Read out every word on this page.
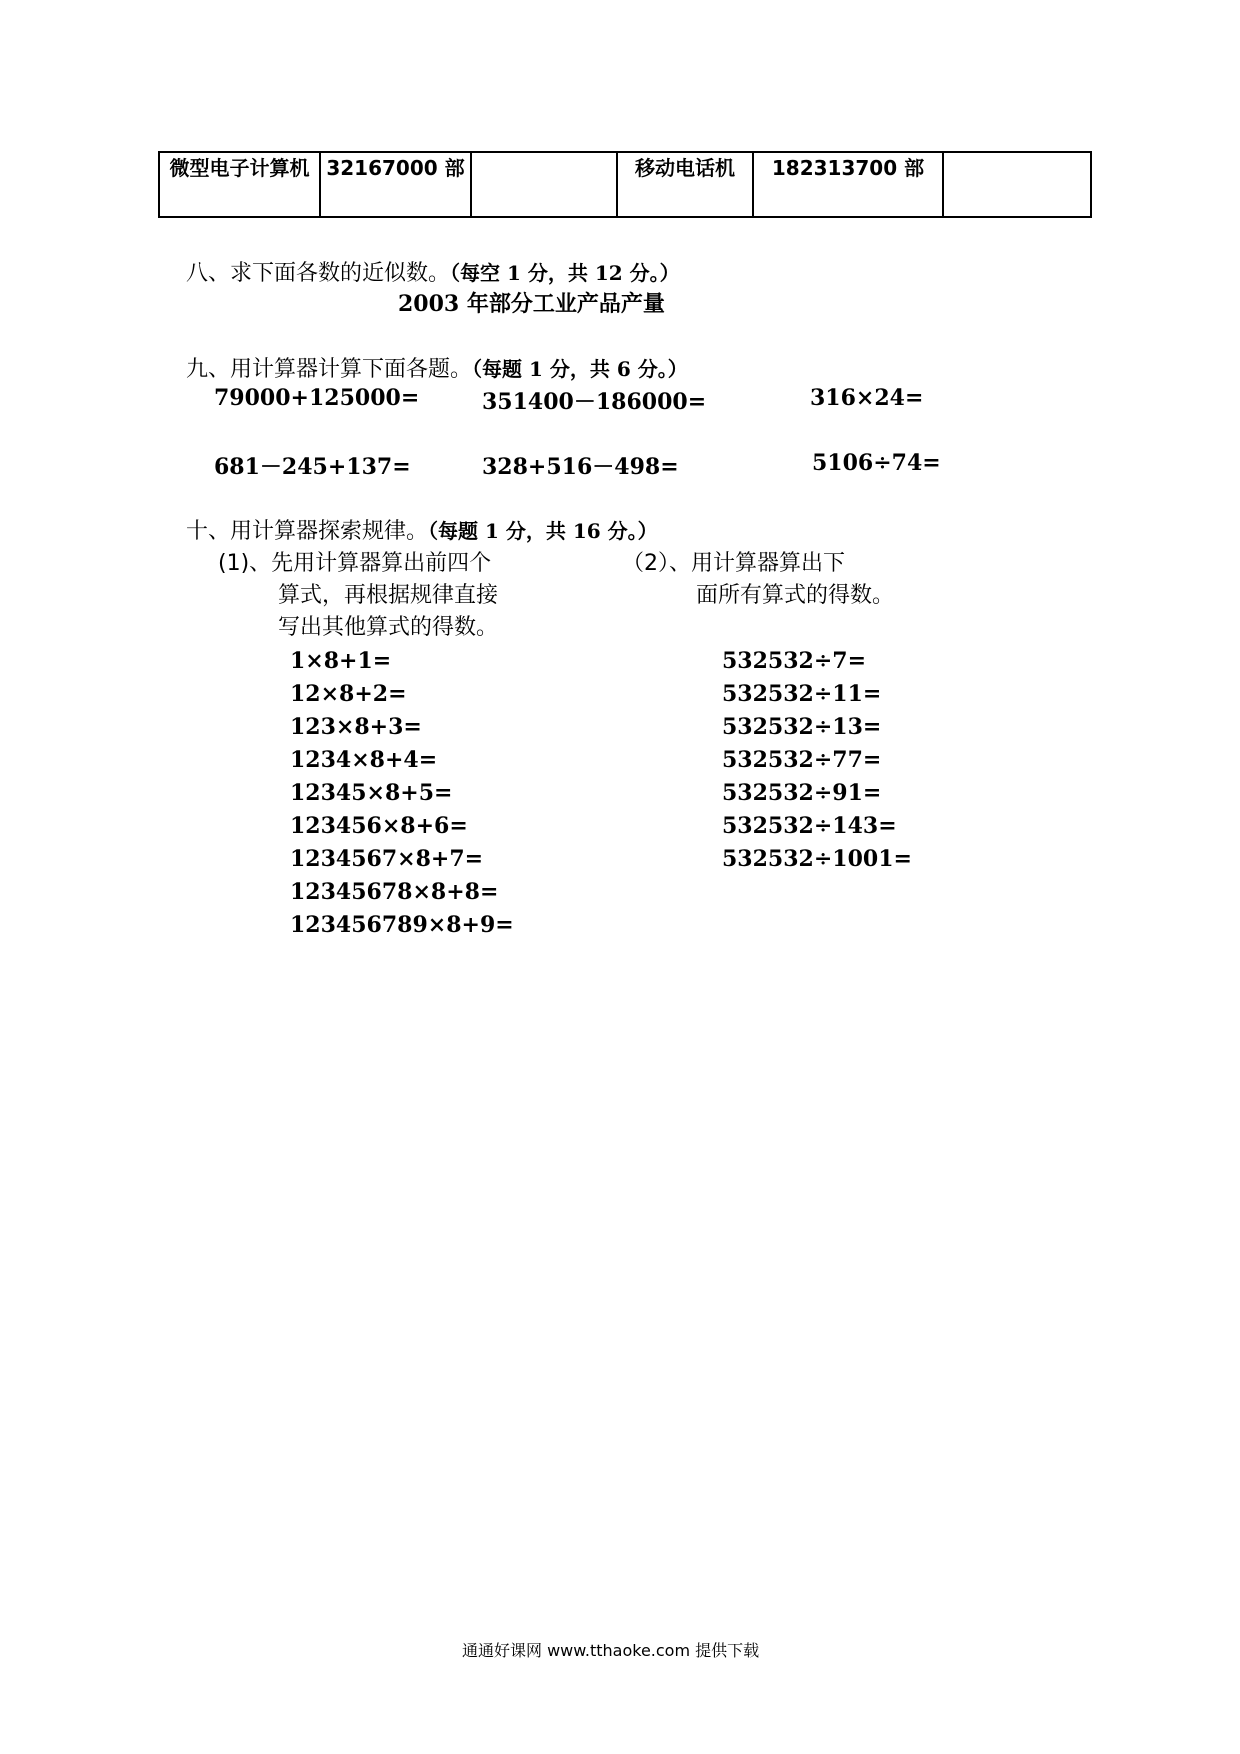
微型电子计算机	32167000 部		移动电话机	182313700 部	
八、求下面各数的近似数。（每空 1 分，共 12 分。）
2003 年部分工业产品产量
九、用计算器计算下面各题。（每题 1 分，共 6 分。）
79000+125000=	351400－186000=	316×24=
681－245+137=	328+516－498=	5106÷74=
十、用计算器探索规律。（每题 1 分，共 16 分。）
(1)、先用计算器算出前四个
算式，再根据规律直接
写出其他算式的得数。
（2）、用计算器算出下
面所有算式的得数。
1×8+1=
12×8+2=
123×8+3=
1234×8+4=
12345×8+5=
123456×8+6=
1234567×8+7=
12345678×8+8=
123456789×8+9=
532532÷7=
532532÷11=
532532÷13=
532532÷77=
532532÷91=
532532÷143=
532532÷1001=
通通好课网 www.tthaoke.com 提供下载
